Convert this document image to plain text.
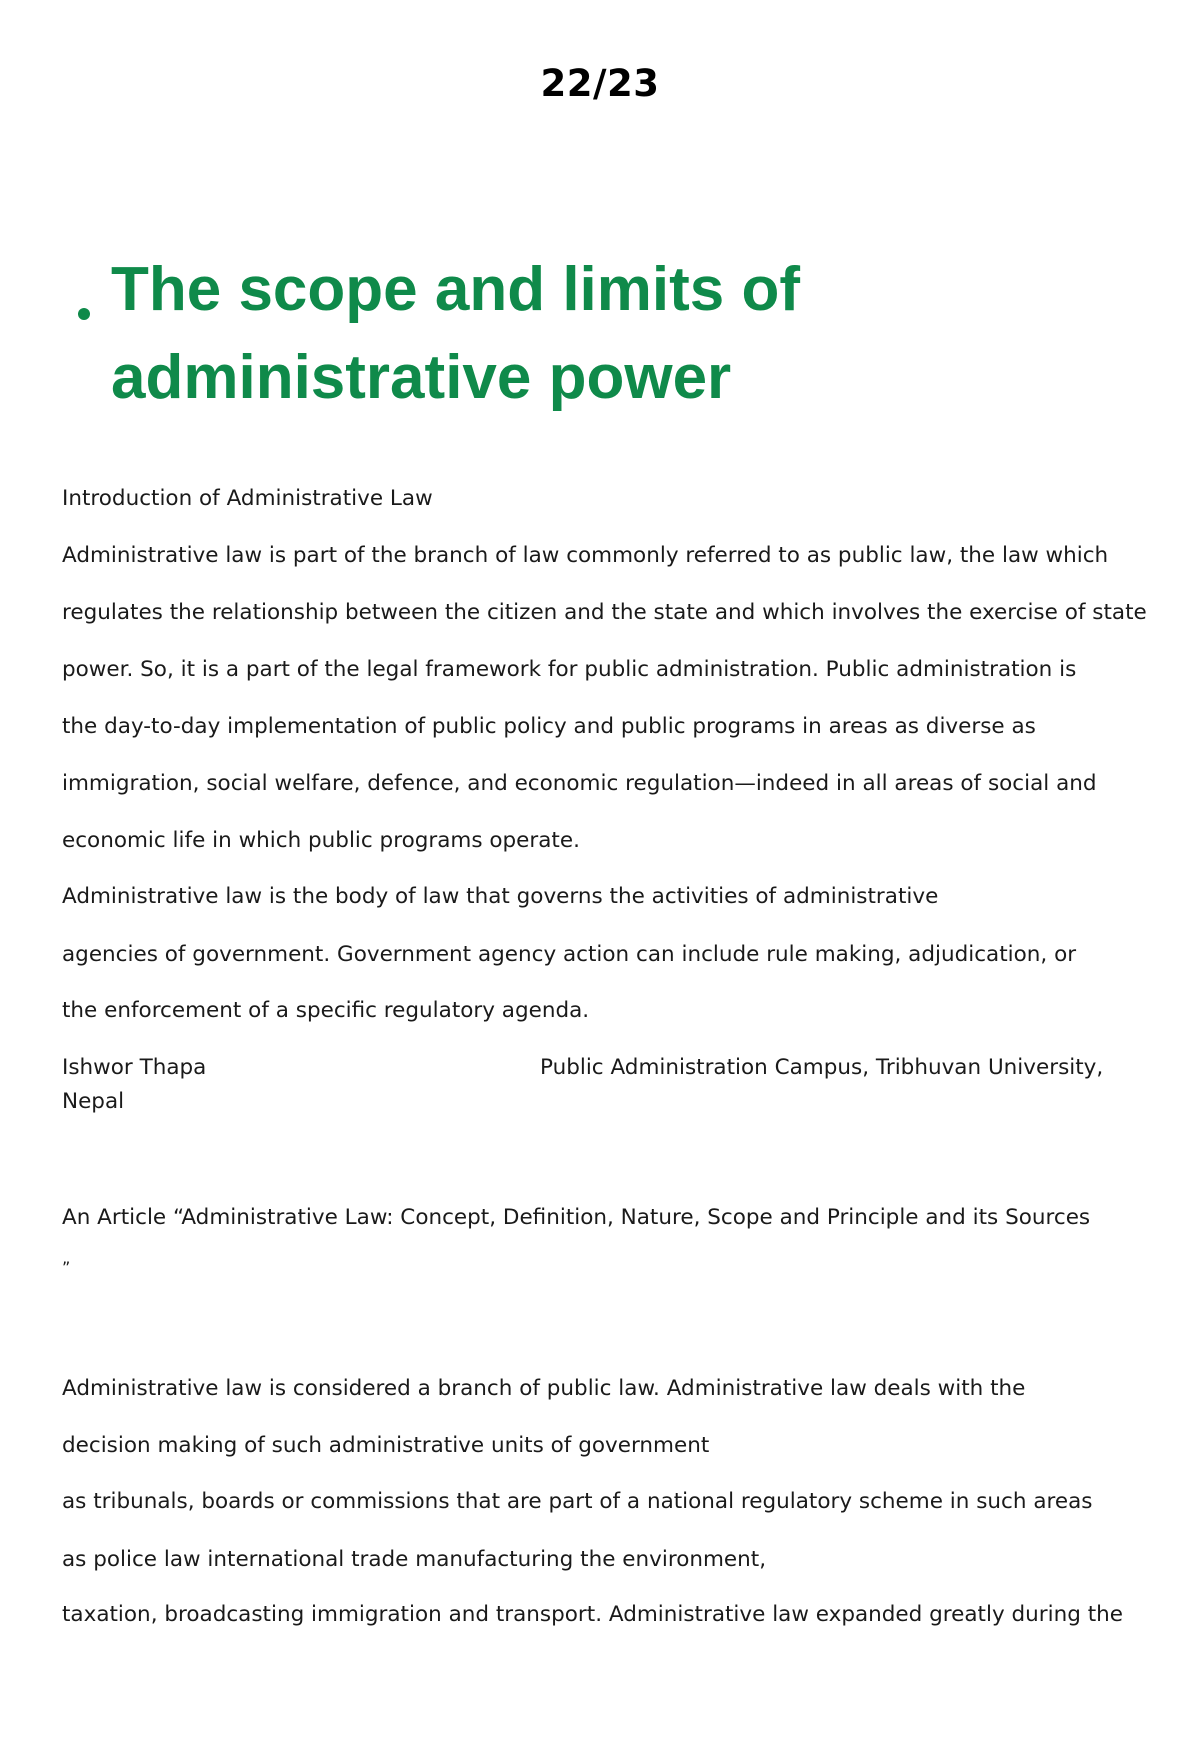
22/23
The scope and limits of
administrative power
Introduction of Administrative Law
Administrative law is part of the branch of law commonly referred to as public law, the law which
regulates the relationship between the citizen and the state and which involves the exercise of state
power. So, it is a part of the legal framework for public administration. Public administration is
the day-to-day implementation of public policy and public programs in areas as diverse as
immigration, social welfare, defence, and economic regulation—indeed in all areas of social and
economic life in which public programs operate.
Administrative law is the body of law that governs the activities of administrative
agencies of government. Government agency action can include rule making, adjudication, or
the enforcement of a specific regulatory agenda.
Ishwor Thapa	Public Administration Campus, Tribhuvan University,
Nepal
An Article “Administrative Law: Concept, Definition, Nature, Scope and Principle and its Sources
”
Administrative law is considered a branch of public law. Administrative law deals with the
decision making of such administrative units of government
as tribunals, boards or commissions that are part of a national regulatory scheme in such areas
as police law international trade manufacturing the environment,
taxation, broadcasting immigration and transport. Administrative law expanded greatly during the
